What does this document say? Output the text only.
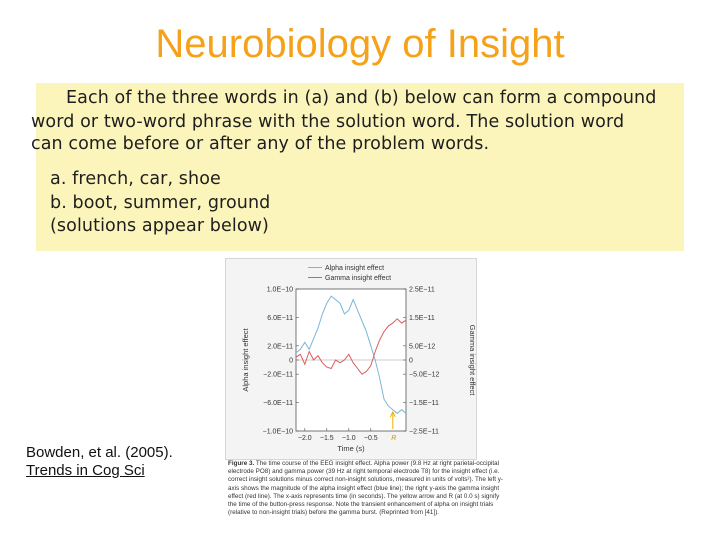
Neurobiology of Insight

Each of the three words in (a) and (b) below can form a compound

word or two-word phrase with the solution word. The solution word

can come before or after any of the problem words.

a. french, car, shoe

b. boot, summer, ground

(solutions appear below)

1.0E−10
6.0E−11
2.0E−11
0
−2.0E−11
−6.0E−11
−1.0E−10
2.5E−11
1.5E−11
5.0E−12
0
−5.0E−12
−1.5E−11
−2.5E−11
−2.0 −1.5 −1.0 −0.5 R
Alpha insight effect
Gamma insight effect
Time (s)
Alpha insight effect	Gamma insight effect
Bowden, et al. (2005).
Trends in Cog Sci	Figure 3. The time course of the EEG insight effect. Alpha power (9.8 Hz at right parietal-occipital electrode PO8) and gamma power (39 Hz at right temporal electrode T8) for the insight effect (i.e. correct insight solutions minus correct non-insight solutions, measured in units of volts²). The left y-axis shows the magnitude of the alpha insight effect (blue line); the right y-axis the gamma insight effect (red line). The x-axis represents time (in seconds). The yellow arrow and R (at 0.0 s) signify the time of the button-press response. Note the transient enhancement of alpha on insight trials (relative to non-insight trials) before the gamma burst. (Reprinted from [41]).
